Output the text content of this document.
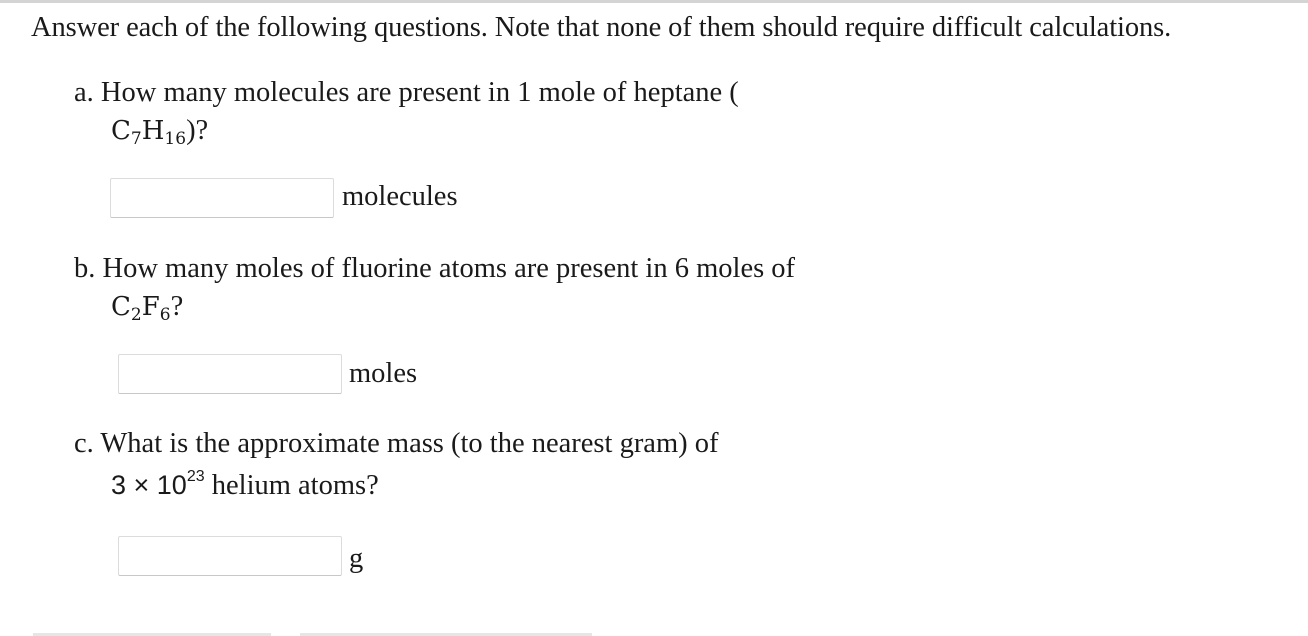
Answer each of the following questions. Note that none of them should require difficult calculations.
a. How many molecules are present in 1 mole of heptane (
$C_7H_{16}$)?
molecules
b. How many moles of fluorine atoms are present in 6 moles of
$C_2F_6$?
moles
c. What is the approximate mass (to the nearest gram) of
$3 \times 10^{23}$ helium atoms?
g
